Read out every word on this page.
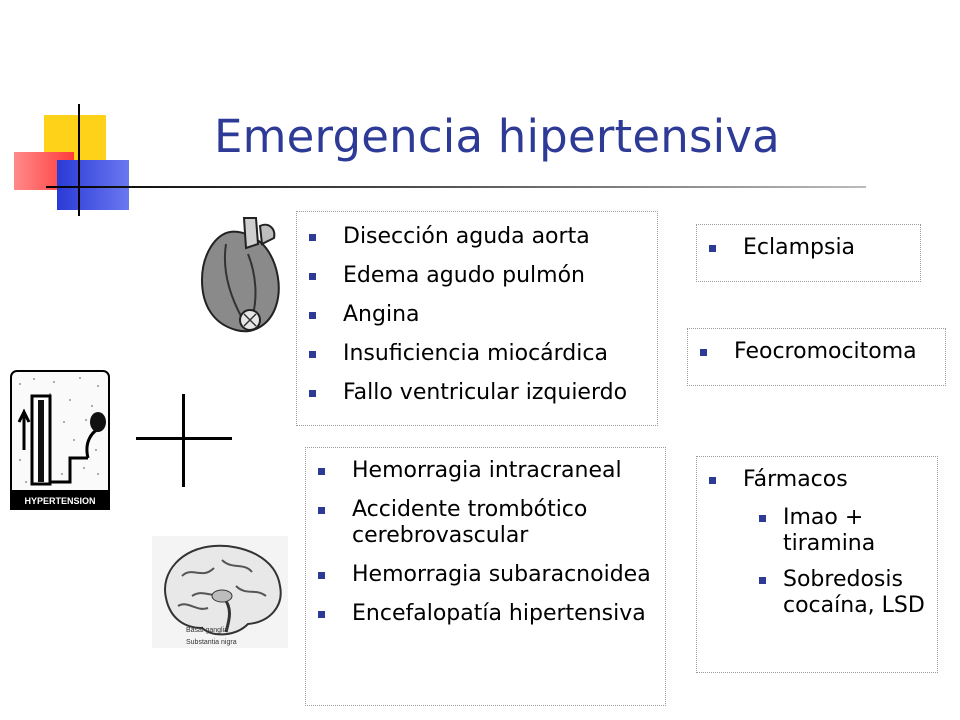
Emergencia hipertensiva
Disección aguda aorta
Edema agudo pulmón
Angina
Insuficiencia miocárdica
Fallo ventricular izquierdo
Eclampsia
Feocromocitoma
HYPERTENSION
Basal ganglia
Substantia nigra
Hemorragia intracraneal
Accidente trombótico cerebrovascular
Hemorragia subaracnoidea
Encefalopatía hipertensiva
Fármacos
Imao + tiramina
Sobredosis cocaína, LSD
